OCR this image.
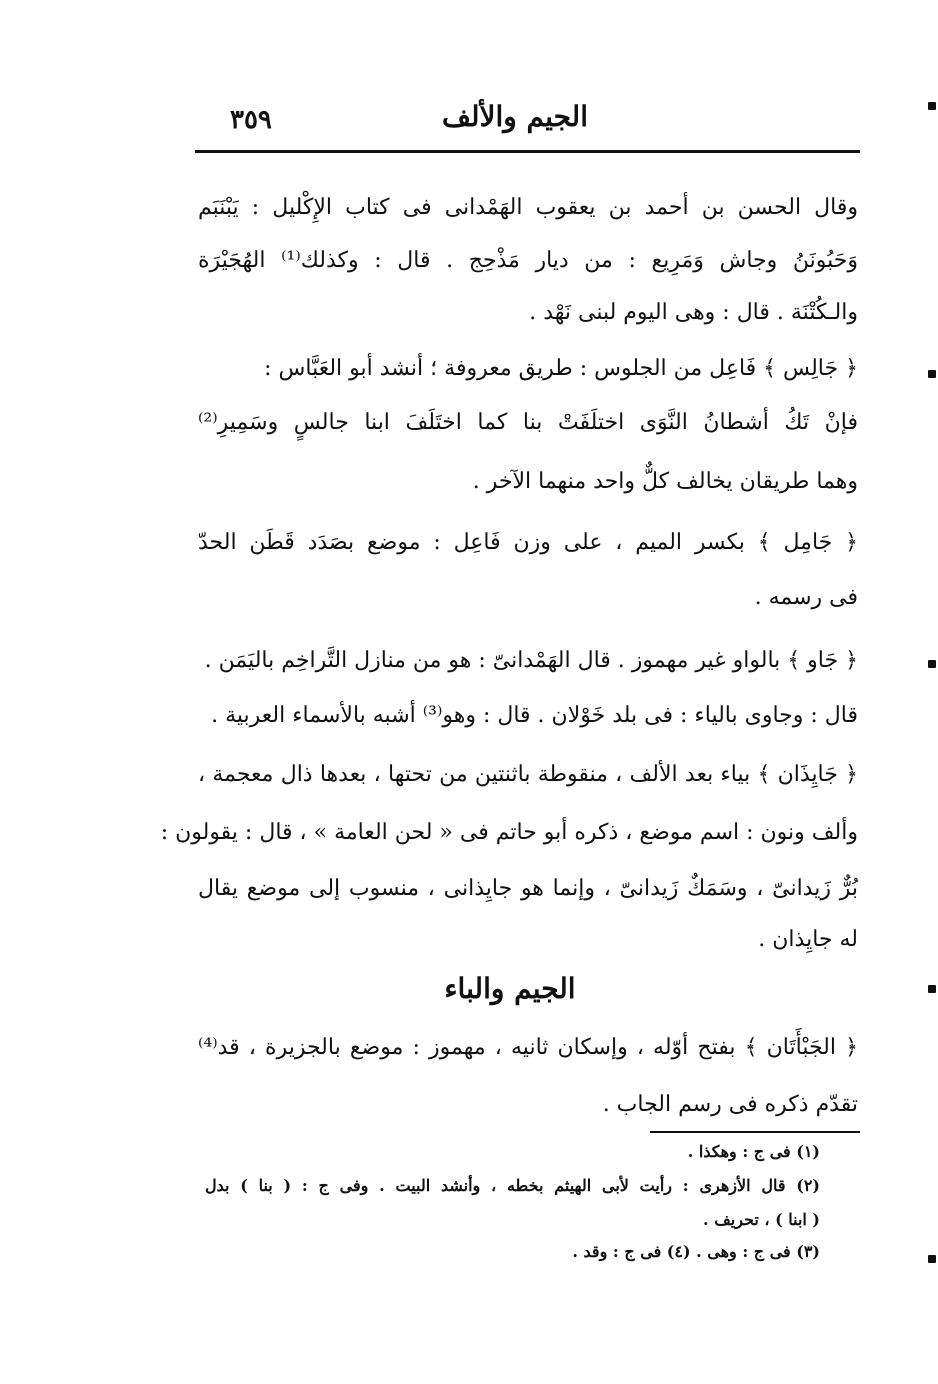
الجيم والألف
٣٥٩
وقال الحسن بن أحمد بن يعقوب الهَمْدانى فى كتاب الإِكْليل : يَبْنَبَم
وَحَبُونَنُ وجاش وَمَرِيع : من ديار مَذْحِج . قال : وكذلك⁽¹⁾ الهُجَيْرَة
والـكُتْنَة . قال : وهى اليوم لبنى نَهْد .
﴿ جَالِس ﴾ فَاعِل من الجلوس : طريق معروفة ؛ أنشد أبو العَبَّاس :
فإنْ تَكُ أشطانُ النَّوَى اختلَفَتْ بنا كما اختَلَفَ ابنا جالسٍ وسَمِيرِ⁽²⁾
وهما طريقان يخالف كلٌّ واحد منهما الآخر .
﴿ جَامِل ﴾ بكسر الميم ، على وزن فَاعِل : موضع بصَدَد قَطَن الحدّ
فى رسمه .
﴿ جَاو ﴾ بالواو غير مهموز . قال الهَمْدانىّ : هو من منازل التَّراخِم باليَمَن .
قال : وجاوى بالياء : فى بلد خَوْلان . قال : وهو⁽³⁾ أشبه بالأسماء العربية .
﴿ جَايِذَان ﴾ بياء بعد الألف ، منقوطة باثنتين من تحتها ، بعدها ذال معجمة ،
وألف ونون : اسم موضع ، ذكره أبو حاتم فى « لحن العامة » ، قال : يقولون :
بُرٌّ زَيدانىّ ، وسَمَكٌ زَيدانىّ ، وإنما هو جايِذانى ، منسوب إلى موضع يقال
له جايِذان .
الجيم والباء
﴿ الجَبْأَتَان ﴾ بفتح أوّله ، وإسكان ثانيه ، مهموز : موضع بالجزيرة ، قد⁽⁴⁾
تقدّم ذكره فى رسم الجاب .
(١) فى ج : وهكذا .
(٢) قال الأزهرى : رأيت لأبى الهيثم بخطه ، وأنشد البيت . وفى ج : ( بنا ) بدل
( ابنا ) ، تحريف .
(٣) فى ج : وهى . (٤) فى ج : وقد .
